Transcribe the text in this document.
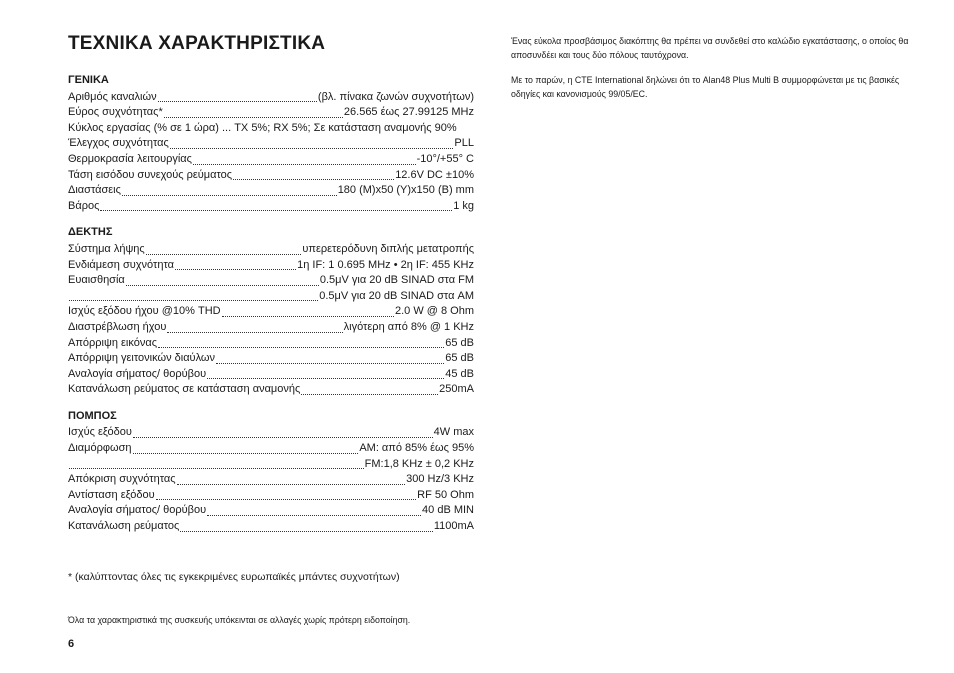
ΤΕΧΝΙΚΑ ΧΑΡΑΚΤΗΡΙΣΤΙΚΑ
ΓΕΝΙΚΑ
Αριθμός καναλιών	(βλ. πίνακα ζωνών συχνοτήτων)
Εύρος συχνότητας*	26.565 έως 27.99125 MHz
Κύκλος εργασίας (% σε 1 ώρα) ... TX 5%; RX 5%; Σε κατάσταση αναμονής 90%
Έλεγχος συχνότητας	PLL
Θερμοκρασία λειτουργίας	-10°/+55° C
Τάση εισόδου συνεχούς ρεύματος	12.6V DC ±10%
Διαστάσεις	180 (M)x50 (Y)x150 (B) mm
Βάρος	1 kg
ΔΕΚΤΗΣ
Σύστημα λήψης	υπερετερόδυνη διπλής μετατροπής
Ενδιάμεση συχνότητα	1η IF: 1 0.695 MHz • 2η IF: 455 KHz
Ευαισθησία	0.5μV για 20 dB SINAD στα FM
0.5μV για 20 dB SINAD στα AM
Ισχύς εξόδου ήχου @10% THD	2.0 W @ 8 Ohm
Διαστρέβλωση ήχου	λιγότερη από 8% @ 1 KHz
Απόρριψη εικόνας	65 dB
Απόρριψη γειτονικών διαύλων	65 dB
Αναλογία σήματος/ θορύβου	45 dB
Κατανάλωση ρεύματος σε κατάσταση αναμονής	250mA
ΠΟΜΠΟΣ
Ισχύς εξόδου	4W max
Διαμόρφωση	AM: από 85% έως 95%
FM:1,8 KHz ± 0,2 KHz
Απόκριση συχνότητας	300 Hz/3 KHz
Αντίσταση εξόδου	RF 50 Ohm
Αναλογία σήματος/ θορύβου	40 dB MIN
Κατανάλωση ρεύματος	1100mA
* (καλύπτοντας όλες τις εγκεκριμένες ευρωπαϊκές μπάντες συχνοτήτων)
Όλα τα χαρακτηριστικά της συσκευής υπόκεινται σε αλλαγές χωρίς πρότερη ειδοποίηση.
6

Ένας εύκολα προσβάσιμος διακόπτης θα πρέπει να συνδεθεί στο καλώδιο εγκατάστασης, ο οποίος θα αποσυνδέει και τους δύο πόλους ταυτόχρονα.

Με το παρών, η CTE International δηλώνει ότι το Alan48 Plus Multi B συμμορφώνεται με τις βασικές οδηγίες και κανονισμούς 99/05/EC.
